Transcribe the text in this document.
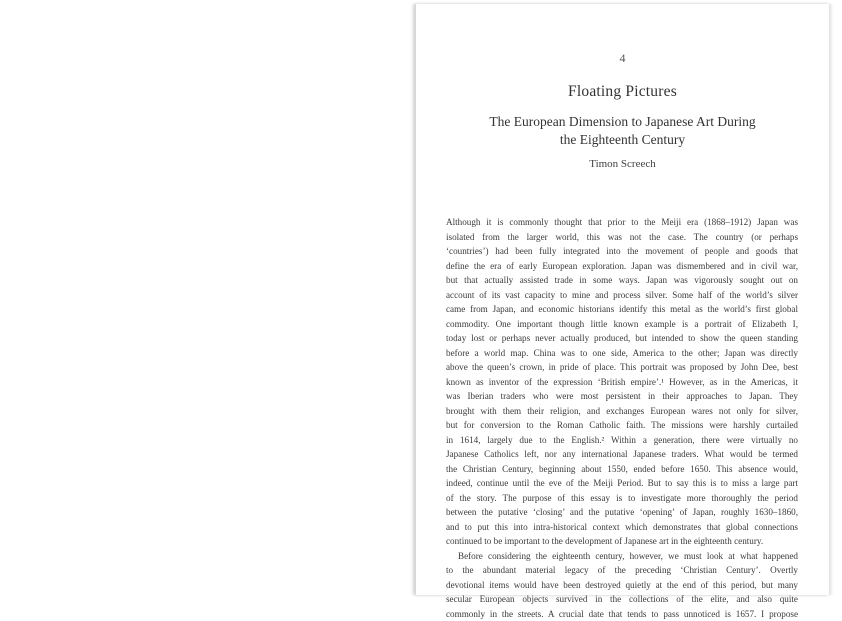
4
Floating Pictures
The European Dimension to Japanese Art During
the Eighteenth Century
Timon Screech
Although it is commonly thought that prior to the Meiji era (1868–1912) Japan was
isolated from the larger world, this was not the case. The country (or perhaps
‘countries’) had been fully integrated into the movement of people and goods that
define the era of early European exploration. Japan was dismembered and in civil war,
but that actually assisted trade in some ways. Japan was vigorously sought out on
account of its vast capacity to mine and process silver. Some half of the world’s silver
came from Japan, and economic historians identify this metal as the world’s first global
commodity. One important though little known example is a portrait of Elizabeth I,
today lost or perhaps never actually produced, but intended to show the queen standing
before a world map. China was to one side, America to the other; Japan was directly
above the queen’s crown, in pride of place. This portrait was proposed by John Dee, best
known as inventor of the expression ‘British empire’.¹ However, as in the Americas, it
was Iberian traders who were most persistent in their approaches to Japan. They
brought with them their religion, and exchanges European wares not only for silver,
but for conversion to the Roman Catholic faith. The missions were harshly curtailed
in 1614, largely due to the English.² Within a generation, there were virtually no
Japanese Catholics left, nor any international Japanese traders. What would be termed
the Christian Century, beginning about 1550, ended before 1650. This absence would,
indeed, continue until the eve of the Meiji Period. But to say this is to miss a large part
of the story. The purpose of this essay is to investigate more thoroughly the period
between the putative ‘closing’ and the putative ‘opening’ of Japan, roughly 1630–1860,
and to put this into intra-historical context which demonstrates that global connections
continued to be important to the development of Japanese art in the eighteenth century.
Before considering the eighteenth century, however, we must look at what happened
to the abundant material legacy of the preceding ‘Christian Century’. Overtly
devotional items would have been destroyed quietly at the end of this period, but many
secular European objects survived in the collections of the elite, and also quite
commonly in the streets. A crucial date that tends to pass unnoticed is 1657. I propose
